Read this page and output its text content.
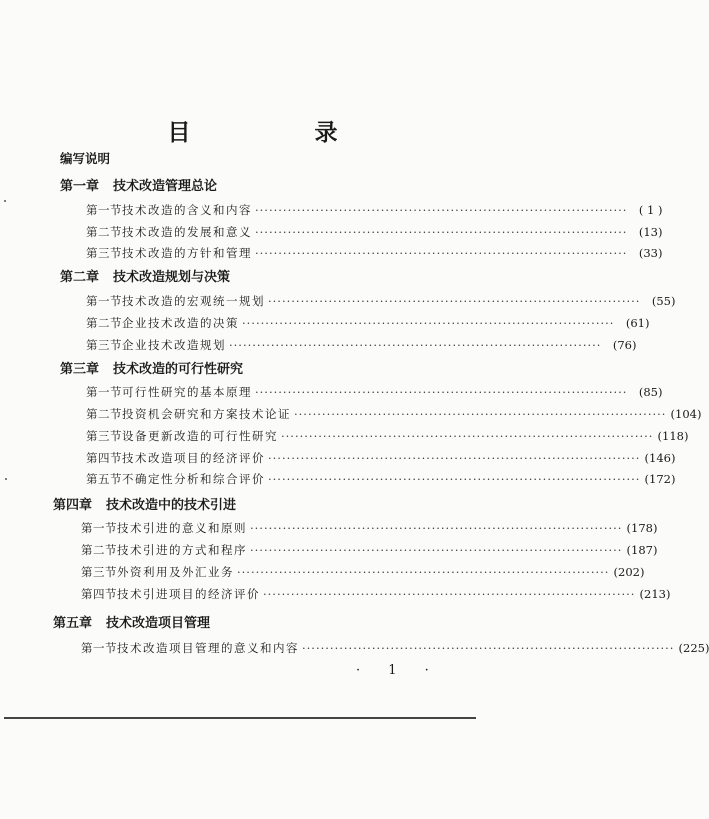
目 录
编写说明
第一章 技术改造管理总论
第一节 技术改造的含义和内容 ················································································ ( 1 )
第二节 技术改造的发展和意义 ················································································ (13)
第三节 技术改造的方针和管理 ················································································ (33)
第二章 技术改造规划与决策
第一节 技术改造的宏观统一规划 ················································································ (55)
第二节 企业技术改造的决策 ················································································ (61)
第三节 企业技术改造规划 ················································································ (76)
第三章 技术改造的可行性研究
第一节 可行性研究的基本原理 ················································································ (85)
第二节 投资机会研究和方案技术论证 ················································································ (104)
第三节 设备更新改造的可行性研究 ················································································ (118)
第四节 技术改造项目的经济评价 ················································································ (146)
第五节 不确定性分析和综合评价 ················································································ (172)
第四章 技术改造中的技术引进
第一节 技术引进的意义和原则 ················································································ (178)
第二节 技术引进的方式和程序 ················································································ (187)
第三节 外资利用及外汇业务 ················································································ (202)
第四节 技术引进项目的经济评价 ················································································ (213)
第五章 技术改造项目管理
第一节 技术改造项目管理的意义和内容 ················································································ (225)
· 1 ·
